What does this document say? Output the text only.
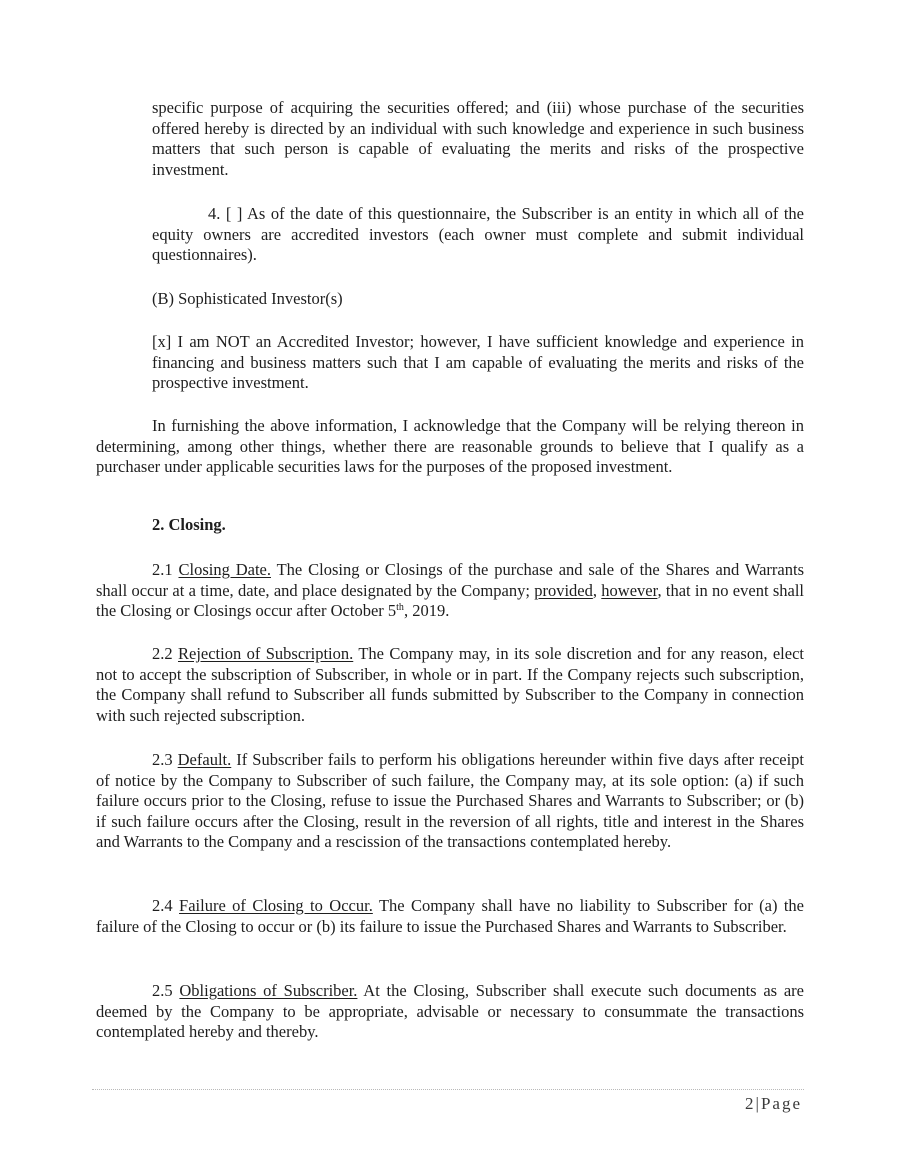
specific purpose of acquiring the securities offered; and (iii) whose purchase of the securities offered hereby is directed by an individual with such knowledge and experience in such business matters that such person is capable of evaluating the merits and risks of the prospective investment.

4. [ ] As of the date of this questionnaire, the Subscriber is an entity in which all of the equity owners are accredited investors (each owner must complete and submit individual questionnaires).

(B) Sophisticated Investor(s)

[x] I am NOT an Accredited Investor; however, I have sufficient knowledge and experience in financing and business matters such that I am capable of evaluating the merits and risks of the prospective investment.

In furnishing the above information, I acknowledge that the Company will be relying thereon in determining, among other things, whether there are reasonable grounds to believe that I qualify as a purchaser under applicable securities laws for the purposes of the proposed investment.

2. Closing.

2.1 Closing Date. The Closing or Closings of the purchase and sale of the Shares and Warrants shall occur at a time, date, and place designated by the Company; provided, however, that in no event shall the Closing or Closings occur after October 5th, 2019.

2.2 Rejection of Subscription. The Company may, in its sole discretion and for any reason, elect not to accept the subscription of Subscriber, in whole or in part. If the Company rejects such subscription, the Company shall refund to Subscriber all funds submitted by Subscriber to the Company in connection with such rejected subscription.

2.3 Default. If Subscriber fails to perform his obligations hereunder within five days after receipt of notice by the Company to Subscriber of such failure, the Company may, at its sole option: (a) if such failure occurs prior to the Closing, refuse to issue the Purchased Shares and Warrants to Subscriber; or (b) if such failure occurs after the Closing, result in the reversion of all rights, title and interest in the Shares and Warrants to the Company and a rescission of the transactions contemplated hereby.

2.4 Failure of Closing to Occur. The Company shall have no liability to Subscriber for (a) the failure of the Closing to occur or (b) its failure to issue the Purchased Shares and Warrants to Subscriber.

2.5 Obligations of Subscriber. At the Closing, Subscriber shall execute such documents as are deemed by the Company to be appropriate, advisable or necessary to consummate the transactions contemplated hereby and thereby.

2|Page
